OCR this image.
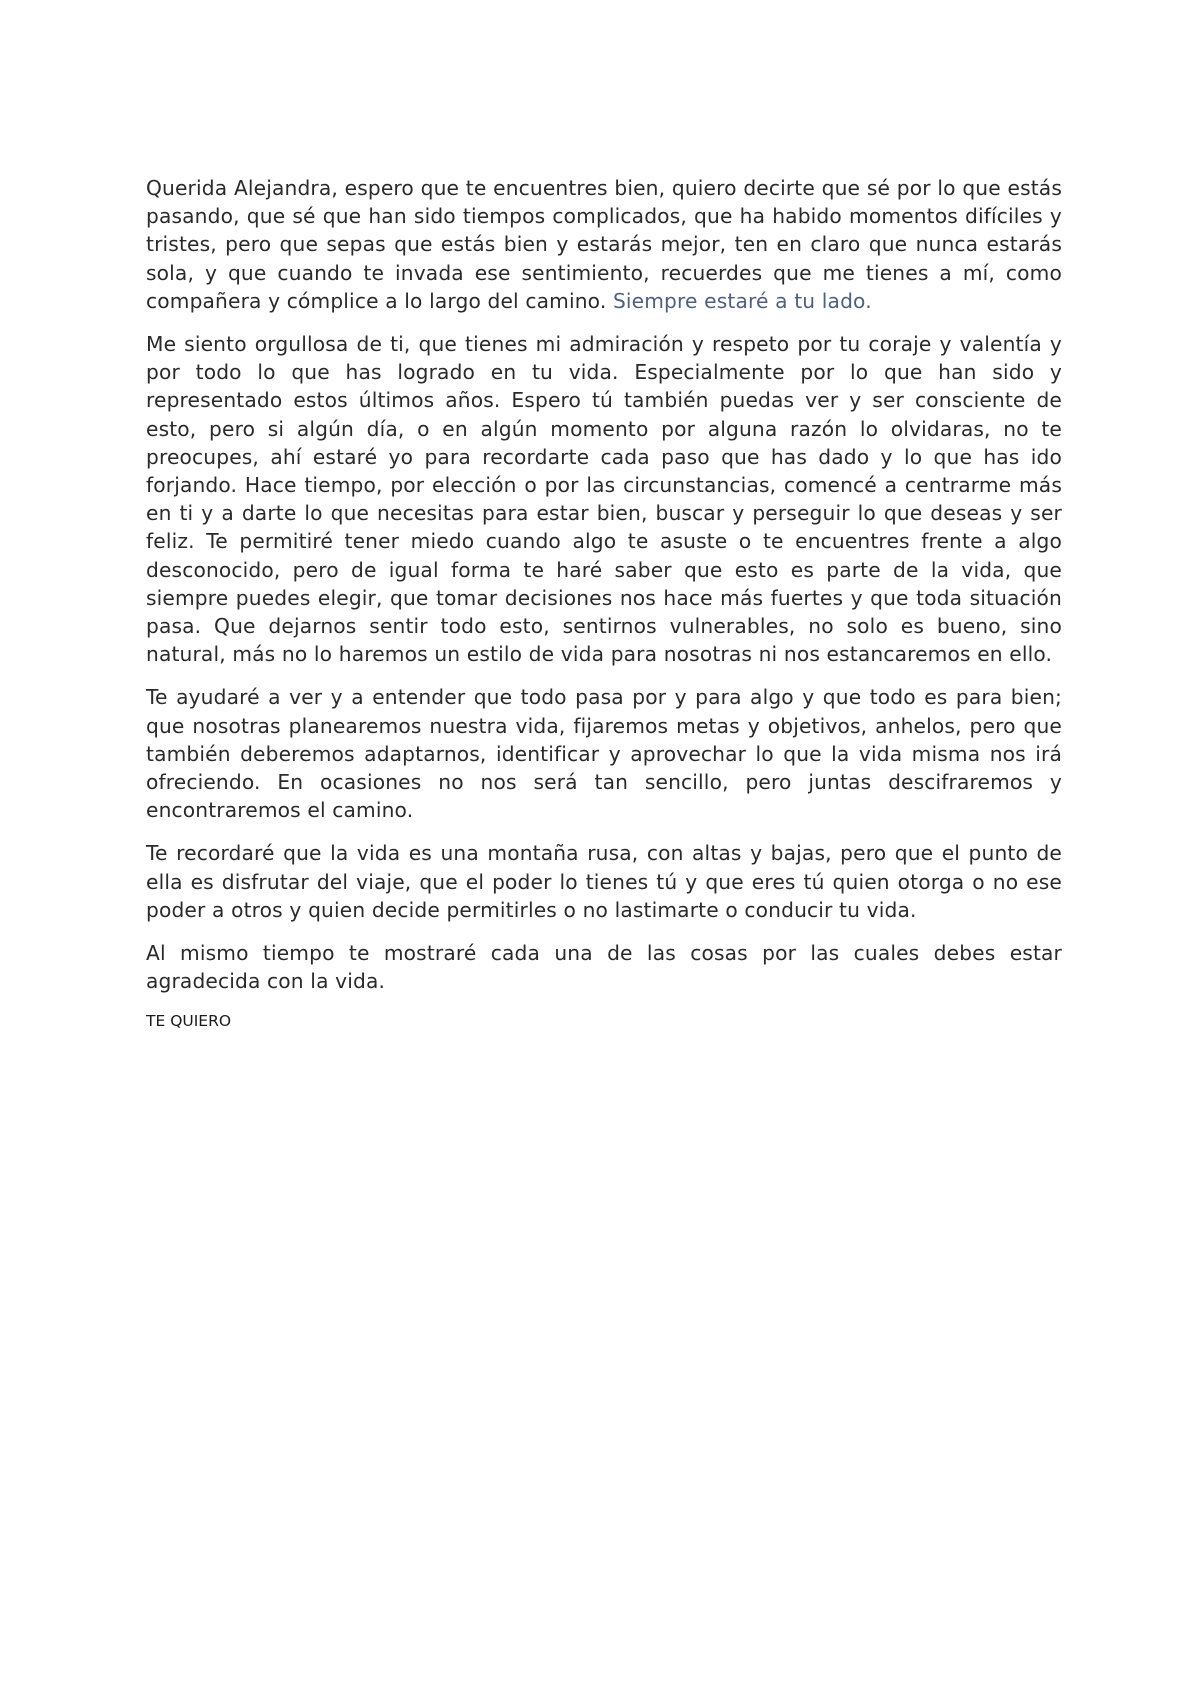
Querida Alejandra, espero que te encuentres bien, quiero decirte que sé por lo que estás pasando, que sé que han sido tiempos complicados, que ha habido momentos difíciles y tristes, pero que sepas que estás bien y estarás mejor, ten en claro que nunca estarás sola, y que cuando te invada ese sentimiento, recuerdes que me tienes a mí, como compañera y cómplice a lo largo del camino. Siempre estaré a tu lado.

Me siento orgullosa de ti, que tienes mi admiración y respeto por tu coraje y valentía y por todo lo que has logrado en tu vida. Especialmente por lo que han sido y representado estos últimos años. Espero tú también puedas ver y ser consciente de esto, pero si algún día, o en algún momento por alguna razón lo olvidaras, no te preocupes, ahí estaré yo para recordarte cada paso que has dado y lo que has ido forjando. Hace tiempo, por elección o por las circunstancias, comencé a centrarme más en ti y a darte lo que necesitas para estar bien, buscar y perseguir lo que deseas y ser feliz. Te permitiré tener miedo cuando algo te asuste o te encuentres frente a algo desconocido, pero de igual forma te haré saber que esto es parte de la vida, que siempre puedes elegir, que tomar decisiones nos hace más fuertes y que toda situación pasa. Que dejarnos sentir todo esto, sentirnos vulnerables, no solo es bueno, sino natural, más no lo haremos un estilo de vida para nosotras ni nos estancaremos en ello.

Te ayudaré a ver y a entender que todo pasa por y para algo y que todo es para bien; que nosotras planearemos nuestra vida, fijaremos metas y objetivos, anhelos, pero que también deberemos adaptarnos, identificar y aprovechar lo que la vida misma nos irá ofreciendo. En ocasiones no nos será tan sencillo, pero juntas descifraremos y encontraremos el camino.

Te recordaré que la vida es una montaña rusa, con altas y bajas, pero que el punto de ella es disfrutar del viaje, que el poder lo tienes tú y que eres tú quien otorga o no ese poder a otros y quien decide permitirles o no lastimarte o conducir tu vida.

Al mismo tiempo te mostraré cada una de las cosas por las cuales debes estar agradecida con la vida.

TE QUIERO
